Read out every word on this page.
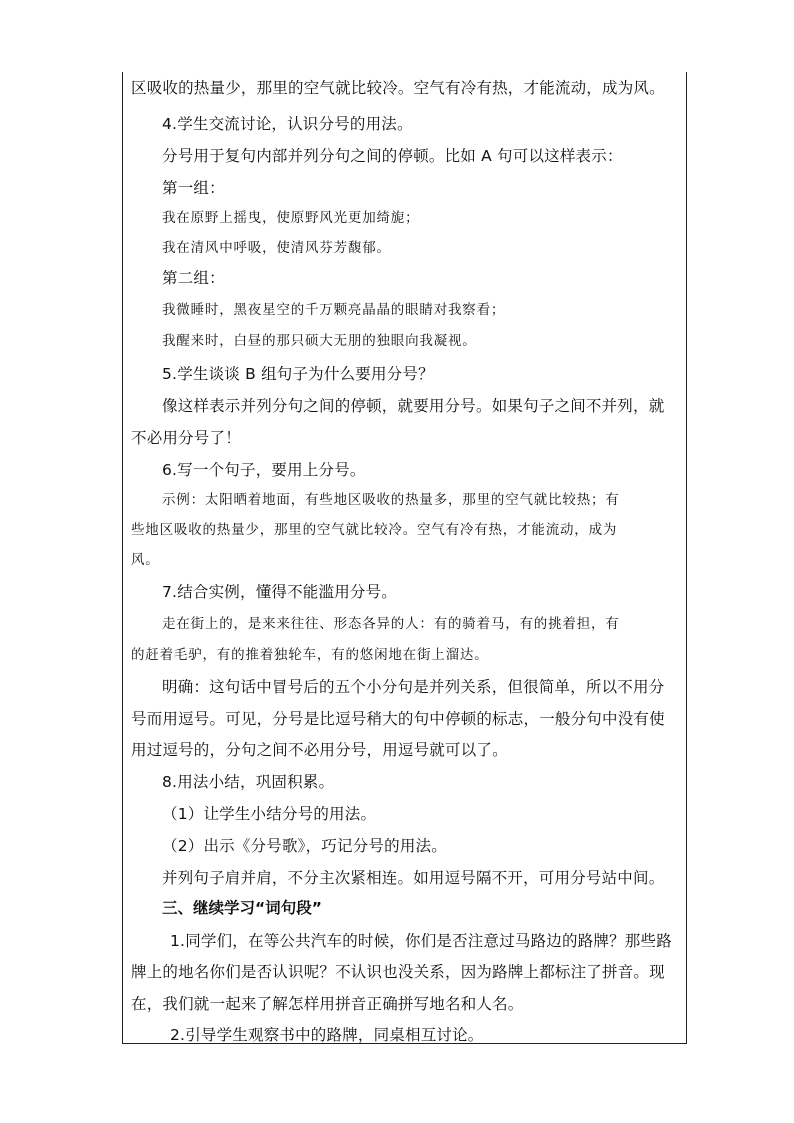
区吸收的热量少，那里的空气就比较冷。空气有冷有热，才能流动，成为风。
4.学生交流讨论，认识分号的用法。
分号用于复句内部并列分句之间的停顿。比如 A 句可以这样表示：
第一组：
我在原野上摇曳，使原野风光更加绮旎；
我在清风中呼吸，使清风芬芳馥郁。
第二组：
我微睡时，黑夜星空的千万颗亮晶晶的眼睛对我察看；
我醒来时，白昼的那只硕大无朋的独眼向我凝视。
5.学生谈谈 B 组句子为什么要用分号？
像这样表示并列分句之间的停顿，就要用分号。如果句子之间不并列，就
不必用分号了！
6.写一个句子，要用上分号。
示例：太阳晒着地面，有些地区吸收的热量多，那里的空气就比较热；有
些地区吸收的热量少，那里的空气就比较冷。空气有冷有热，才能流动，成为
风。
7.结合实例，懂得不能滥用分号。
走在街上的，是来来往往、形态各异的人：有的骑着马，有的挑着担，有
的赶着毛驴，有的推着独轮车，有的悠闲地在街上溜达。
明确：这句话中冒号后的五个小分句是并列关系，但很简单，所以不用分
号而用逗号。可见，分号是比逗号稍大的句中停顿的标志，一般分句中没有使
用过逗号的，分句之间不必用分号，用逗号就可以了。
8.用法小结，巩固积累。
（1）让学生小结分号的用法。
（2）出示《分号歌》，巧记分号的用法。
并列句子肩并肩，不分主次紧相连。如用逗号隔不开，可用分号站中间。
三、继续学习“词句段”
1.同学们，在等公共汽车的时候，你们是否注意过马路边的路牌？那些路
牌上的地名你们是否认识呢？不认识也没关系，因为路牌上都标注了拼音。现
在，我们就一起来了解怎样用拼音正确拼写地名和人名。
2.引导学生观察书中的路牌，同桌相互讨论。
